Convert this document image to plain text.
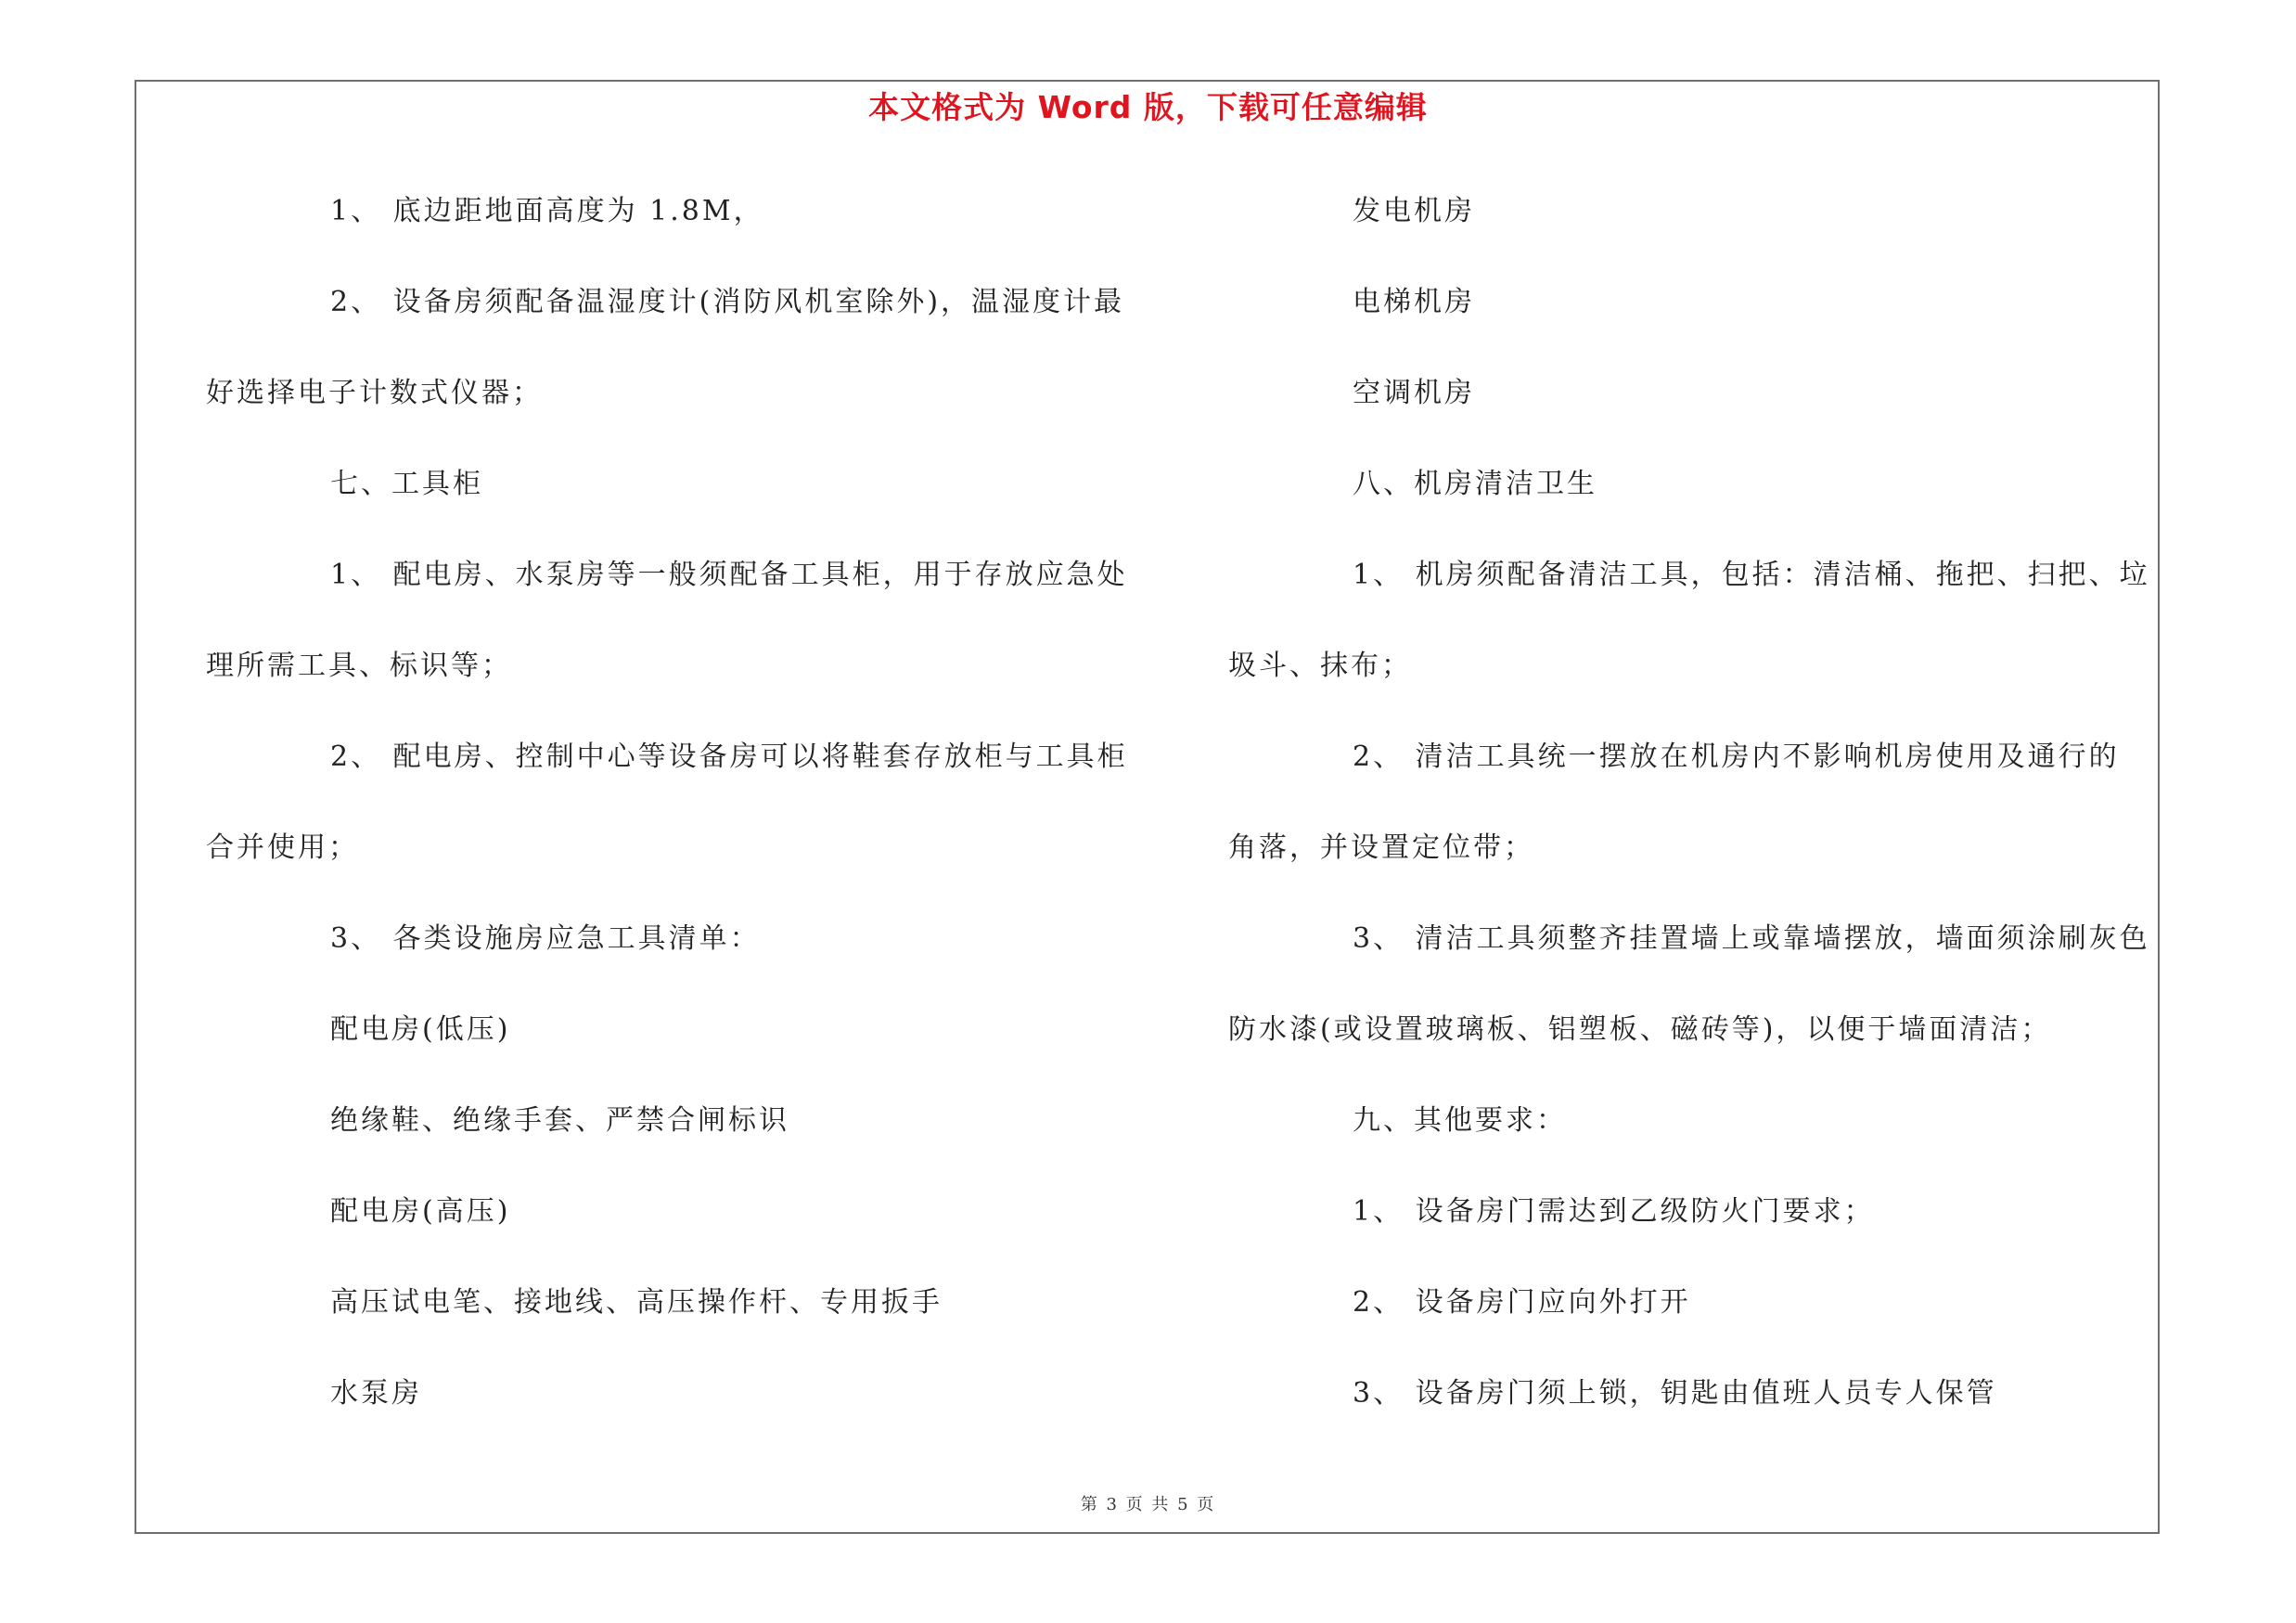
本文格式为 Word 版，下载可任意编辑
1、 底边距地面高度为 1.8M，
2、 设备房须配备温湿度计(消防风机室除外)，温湿度计最
好选择电子计数式仪器；
七、工具柜
1、 配电房、水泵房等一般须配备工具柜，用于存放应急处
理所需工具、标识等；
2、 配电房、控制中心等设备房可以将鞋套存放柜与工具柜
合并使用；
3、 各类设施房应急工具清单：
配电房(低压)
绝缘鞋、绝缘手套、严禁合闸标识
配电房(高压)
高压试电笔、接地线、高压操作杆、专用扳手
水泵房
发电机房
电梯机房
空调机房
八、机房清洁卫生
1、 机房须配备清洁工具，包括：清洁桶、拖把、扫把、垃
圾斗、抹布；
2、 清洁工具统一摆放在机房内不影响机房使用及通行的
角落，并设置定位带；
3、 清洁工具须整齐挂置墙上或靠墙摆放，墙面须涂刷灰色
防水漆(或设置玻璃板、铝塑板、磁砖等)，以便于墙面清洁；
九、其他要求：
1、 设备房门需达到乙级防火门要求；
2、 设备房门应向外打开
3、 设备房门须上锁，钥匙由值班人员专人保管
第 3 页 共 5 页
